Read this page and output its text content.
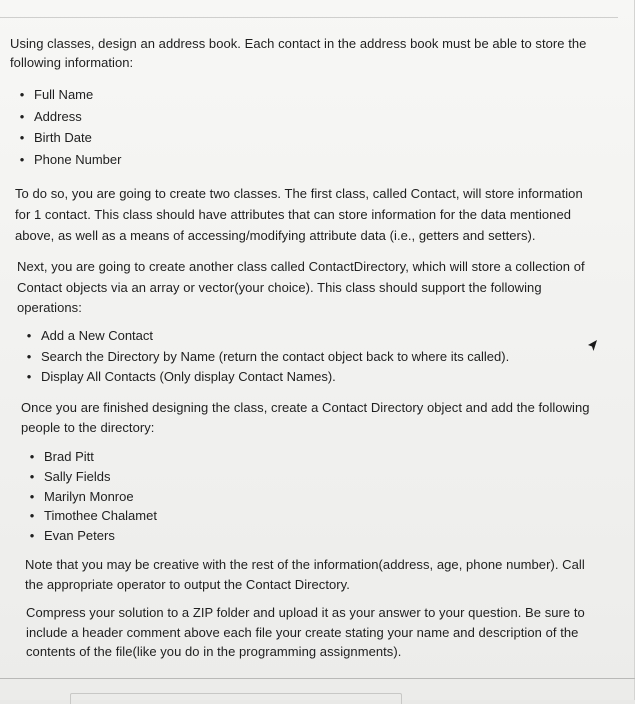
Using classes, design an address book. Each contact in the address book must be able to store the
following information:

• Full Name
• Address
• Birth Date
• Phone Number

To do so, you are going to create two classes. The first class, called Contact, will store information
for 1 contact. This class should have attributes that can store information for the data mentioned
above, as well as a means of accessing/modifying attribute data (i.e., getters and setters).

Next, you are going to create another class called ContactDirectory, which will store a collection of
Contact objects via an array or vector(your choice). This class should support the following
operations:

• Add a New Contact
• Search the Directory by Name (return the contact object back to where its called).
• Display All Contacts (Only display Contact Names).

Once you are finished designing the class, create a Contact Directory object and add the following
people to the directory:

• Brad Pitt
• Sally Fields
• Marilyn Monroe
• Timothee Chalamet
• Evan Peters

Note that you may be creative with the rest of the information(address, age, phone number). Call
the appropriate operator to output the Contact Directory.

Compress your solution to a ZIP folder and upload it as your answer to your question. Be sure to
include a header comment above each file your create stating your name and description of the
contents of the file(like you do in the programming assignments).
